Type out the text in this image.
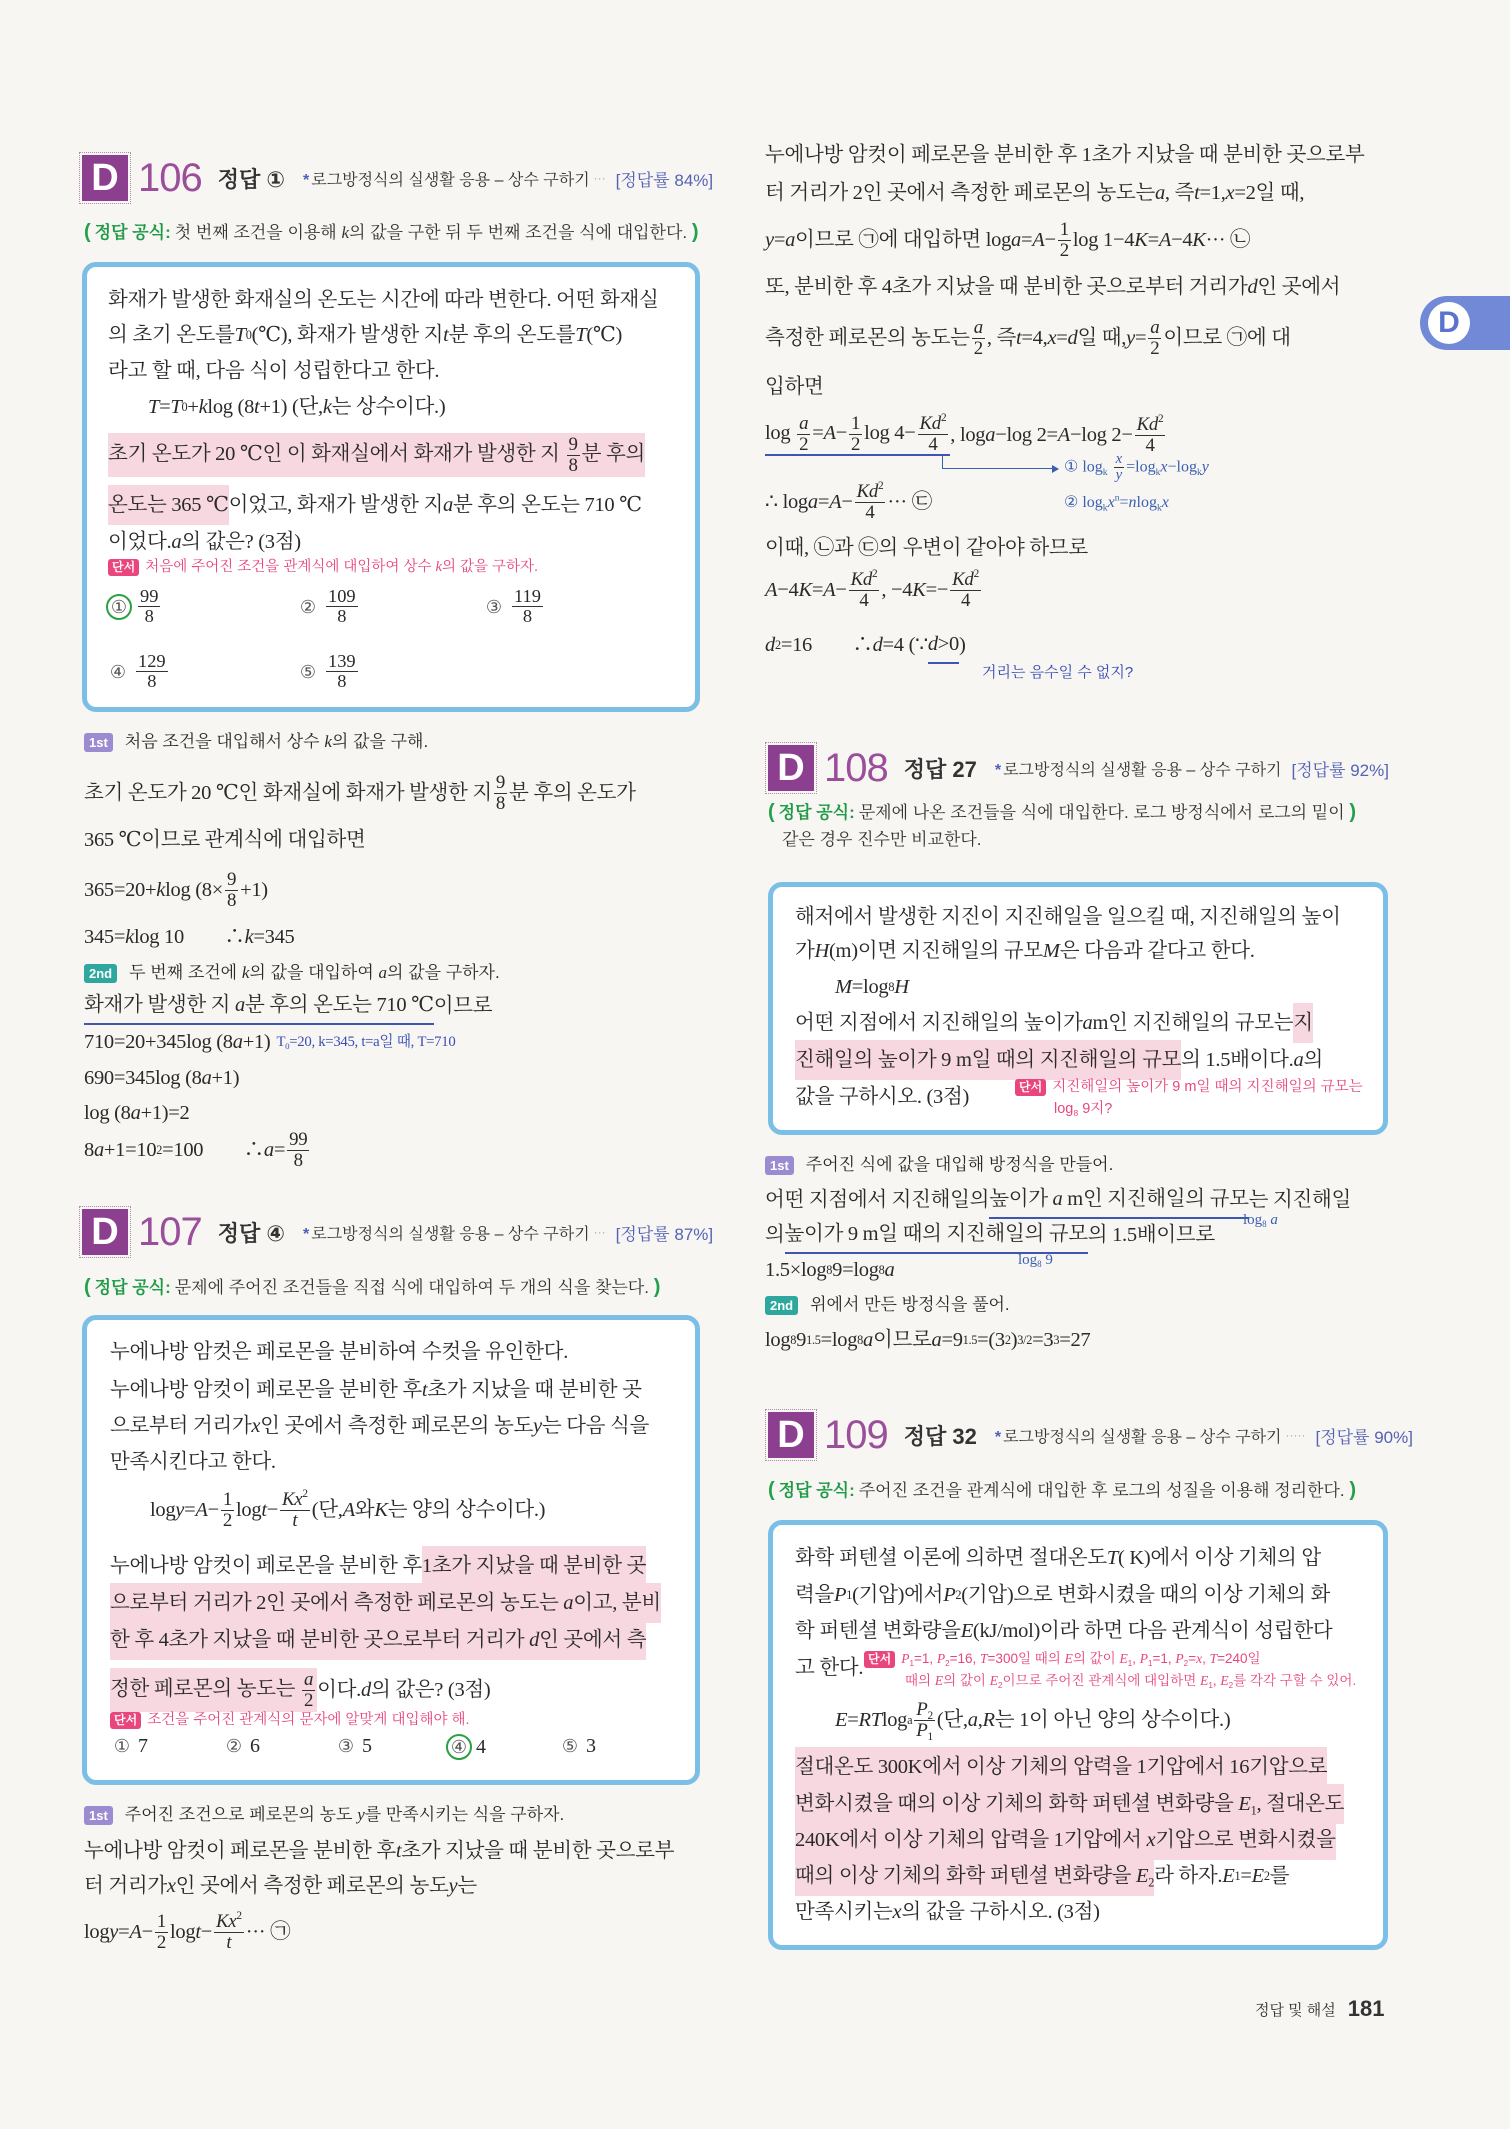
D
D 106 정답 ① * 로그방정식의 실생활 응용 – 상수 구하기 ··· [정답률 84%]
( 정답 공식: 첫 번째 조건을 이용해 k의 값을 구한 뒤 두 번째 조건을 식에 대입한다. )
화재가 발생한 화재실의 온도는 시간에 따라 변한다. 어떤 화재실
의 초기 온도를 T 0 (℃), 화재가 발생한 지 t 분 후의 온도를 T (℃)
라고 할 때, 다음 식이 성립한다고 한다.
T = T 0 + k log (8 t +1) (단, k 는 상수이다.)
초기 온도가 20 ℃인 이 화재실에서 화재가 발생한 지 $\frac{9}{8}$ 분 후의
온도는 365 ℃ 이었고, 화재가 발생한 지 a 분 후의 온도는 710 ℃
이었다. a 의 값은? (3점)
단서 처음에 주어진 조건을 관계식에 대입하여 상수 k의 값을 구하자.
① $\frac{99}{8}$	② $\frac{109}{8}$	③ $\frac{119}{8}$
④ $\frac{129}{8}$	⑤ $\frac{139}{8}$
1st 처음 조건을 대입해서 상수 k의 값을 구해.
초기 온도가 20 ℃인 화재실에 화재가 발생한 지 $\frac{9}{8}$ 분 후의 온도가
365 ℃이므로 관계식에 대입하면
365=20+ k $\log (8\times \frac{9}{8} +1)$
345= k log 10　　∴ k =345
2nd 두 번째 조건에 k의 값을 대입하여 a의 값을 구하자.
화재가 발생한 지 a분 후의 온도는 710 ℃ 이므로
710=20+345log (8 a +1) $T_0=20$, k=345, t=a일 때, T=710
690=345log (8 a +1)
log (8 a +1)=2
8 a +1=10 2 =100　　∴ $a = \frac{99}{8}$
D 107 정답 ④ * 로그방정식의 실생활 응용 – 상수 구하기 ··· [정답률 87%]
( 정답 공식: 문제에 주어진 조건들을 직접 식에 대입하여 두 개의 식을 찾는다. )
누에나방 암컷은 페로몬을 분비하여 수컷을 유인한다.
누에나방 암컷이 페로몬을 분비한 후 t 초가 지났을 때 분비한 곳
으로부터 거리가 x 인 곳에서 측정한 페로몬의 농도 y 는 다음 식을
만족시킨다고 한다.
$\log y = A - \frac{1}{2}$ $\log t - \frac{Kx^2}{t}$ (단, A 와 K 는 양의 상수이다.)
누에나방 암컷이 페로몬을 분비한 후 1초가 지났을 때 분비한 곳
으로부터 거리가 2인 곳에서 측정한 페로몬의 농도는 a이고, 분비
한 후 4초가 지났을 때 분비한 곳으로부터 거리가 d인 곳에서 측
정한 페로몬의 농도는 $\frac{a}{2}$ 이다. d 의 값은? (3점)
단서 조건을 주어진 관계식의 문자에 알맞게 대입해야 해.
① 7	② 6	③ 5	④ 4	⑤ 3
1st 주어진 조건으로 페로몬의 농도 y를 만족시키는 식을 구하자.
누에나방 암컷이 페로몬을 분비한 후 t 초가 지났을 때 분비한 곳으로부
터 거리가 x 인 곳에서 측정한 페로몬의 농도 y 는
$\log y = A - \frac{1}{2}$ $\log t - \frac{Kx^2}{t}$ ··· ㉠
누에나방 암컷이 페로몬을 분비한 후 1초가 지났을 때 분비한 곳으로부
터 거리가 2인 곳에서 측정한 페로몬의 농도는 a , 즉 t =1, x =2일 때,
y = a 이므로 ㉠에 대입하면 $\log a = A - \frac{1}{2}$ log 1−4 K = A −4 K ··· ㉡
또, 분비한 후 4초가 지났을 때 분비한 곳으로부터 거리가 d 인 곳에서
측정한 페로몬의 농도는 $\frac{a}{2}$ , 즉 t =4, x = d 일 때, $y = \frac{a}{2}$ 이므로 ㉠에 대
입하면
$\log \frac{a}{2} =A- \frac{1}{2}$ $\log 4- \frac{Kd^2}{4}$ , log a −log 2= A −log $2- \frac{Kd^2}{4}$
① $\log_k \frac{x}{y} =\log_kx-\log_ky$
② $\log_kx^n=nlog_kx$
∴ $\log a = A - \frac{Kd^2}{4}$ ··· ㉢
이때, ㉡과 ㉢의 우변이 같아야 하므로
A −4 $K = A - \frac{Kd^2}{4}$ , −4 $K =- \frac{Kd^2}{4}$
d 2 =16　　∴ d =4 (∵ d>0 )
거리는 음수일 수 없지?
D 108 정답 27 * 로그방정식의 실생활 응용 – 상수 구하기 [정답률 92%]
( 정답 공식: 문제에 나온 조건들을 식에 대입한다. 로그 방정식에서 로그의 밑이 )
같은 경우 진수만 비교한다.
해저에서 발생한 지진이 지진해일을 일으킬 때, 지진해일의 높이
가 H (m)이면 지진해일의 규모 M 은 다음과 같다고 한다.
M =log 8 H
어떤 지점에서 지진해일의 높이가 a m인 지진해일의 규모는 지
진해일의 높이가 9 m일 때의 지진해일의 규모 의 1.5배이다. a 의
값을 구하시오. (3점)	단서 지진해일의 높이가 9 m일 때의 지진해일의 규모는
$\log_8 9$지?
1st 주어진 식에 값을 대입해 방정식을 만들어.
어떤 지점에서 지진해일의 높이가 a m인 지진해일의 규모 는 지진해일
의 높이가 9 m일 때의 지진해일의 규모 의 1.5배이므로
$\log_8 a$
$\log_8 9$
1.5×log 8 9=log 8 a
2nd 위에서 만든 방정식을 풀어.
log 8 9 1.5 =log 8 a 이므로 a =9 1.5 =(3 2 ) 3/2 =3 3 =27
D 109 정답 32 * 로그방정식의 실생활 응용 – 상수 구하기 ····· [정답률 90%]
( 정답 공식: 주어진 조건을 관계식에 대입한 후 로그의 성질을 이용해 정리한다. )
화학 퍼텐셜 이론에 의하면 절대온도 T ( K)에서 이상 기체의 압
력을 P 1 (기압)에서 P 2 (기압)으로 변화시켰을 때의 이상 기체의 화
학 퍼텐셜 변화량을 E (kJ/mol)이라 하면 다음 관계식이 성립한다
고 한다. 단서 $P_1=1$, $P_2=16$, T=300일 때의 E의 값이 $E_1$, $P_1=1$, $P_2=x$, T=240일
때의 E의 값이 $E_2$이므로 주어진 관계식에 대입하면 $E_1$, $E_2$를 각각 구할 수 있어.
E = RT log a $\frac{P_2}{P_1}$ (단, a , R 는 1이 아닌 양의 상수이다.)
절대온도 300K에서 이상 기체의 압력을 1기압에서 16기압으로
변화시켰을 때의 이상 기체의 화학 퍼텐셜 변화량을 $E_1$, 절대온도
240K에서 이상 기체의 압력을 1기압에서 x기압으로 변화시켰을
때의 이상 기체의 화학 퍼텐셜 변화량을 $E_2$ 라 하자. E 1 = E 2 를
만족시키는 x 의 값을 구하시오. (3점)
정답 및 해설 181
